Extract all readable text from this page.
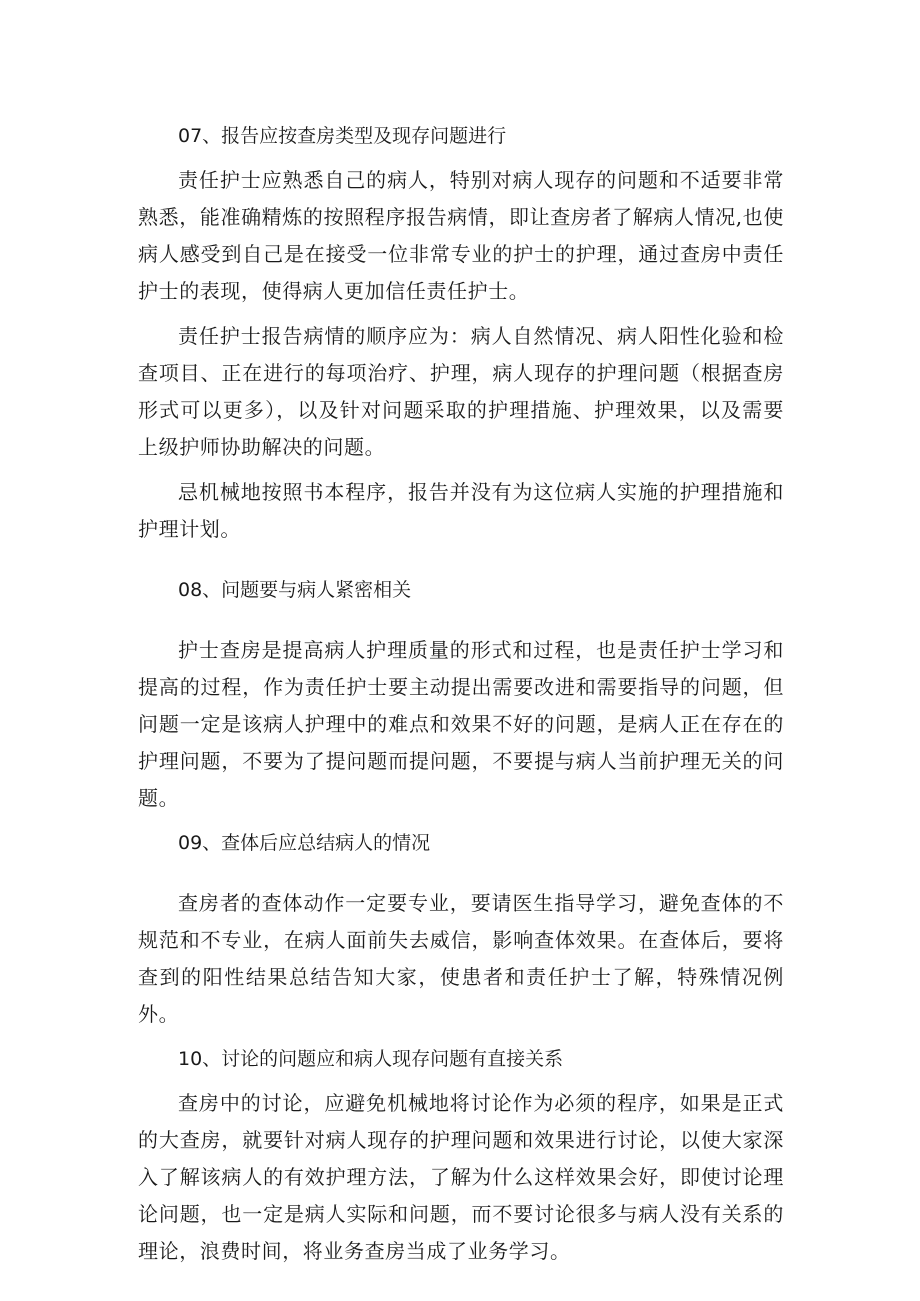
07、报告应按查房类型及现存问题进行

责任护士应熟悉自己的病人，特别对病人现存的问题和不适要非常熟悉，能准确精炼的按照程序报告病情，即让查房者了解病人情况,也使病人感受到自己是在接受一位非常专业的护士的护理，通过查房中责任护士的表现，使得病人更加信任责任护士。

责任护士报告病情的顺序应为：病人自然情况、病人阳性化验和检查项目、正在进行的每项治疗、护理，病人现存的护理问题（根据查房形式可以更多），以及针对问题采取的护理措施、护理效果，以及需要上级护师协助解决的问题。

忌机械地按照书本程序，报告并没有为这位病人实施的护理措施和护理计划。

08、问题要与病人紧密相关

护士查房是提高病人护理质量的形式和过程，也是责任护士学习和提高的过程，作为责任护士要主动提出需要改进和需要指导的问题，但问题一定是该病人护理中的难点和效果不好的问题，是病人正在存在的护理问题，不要为了提问题而提问题，不要提与病人当前护理无关的问题。

09、查体后应总结病人的情况

查房者的查体动作一定要专业，要请医生指导学习，避免查体的不规范和不专业，在病人面前失去威信，影响查体效果。在查体后，要将查到的阳性结果总结告知大家，使患者和责任护士了解，特殊情况例外。

10、讨论的问题应和病人现存问题有直接关系

查房中的讨论，应避免机械地将讨论作为必须的程序，如果是正式的大查房，就要针对病人现存的护理问题和效果进行讨论，以使大家深入了解该病人的有效护理方法，了解为什么这样效果会好，即使讨论理论问题，也一定是病人实际和问题，而不要讨论很多与病人没有关系的理论，浪费时间，将业务查房当成了业务学习。
